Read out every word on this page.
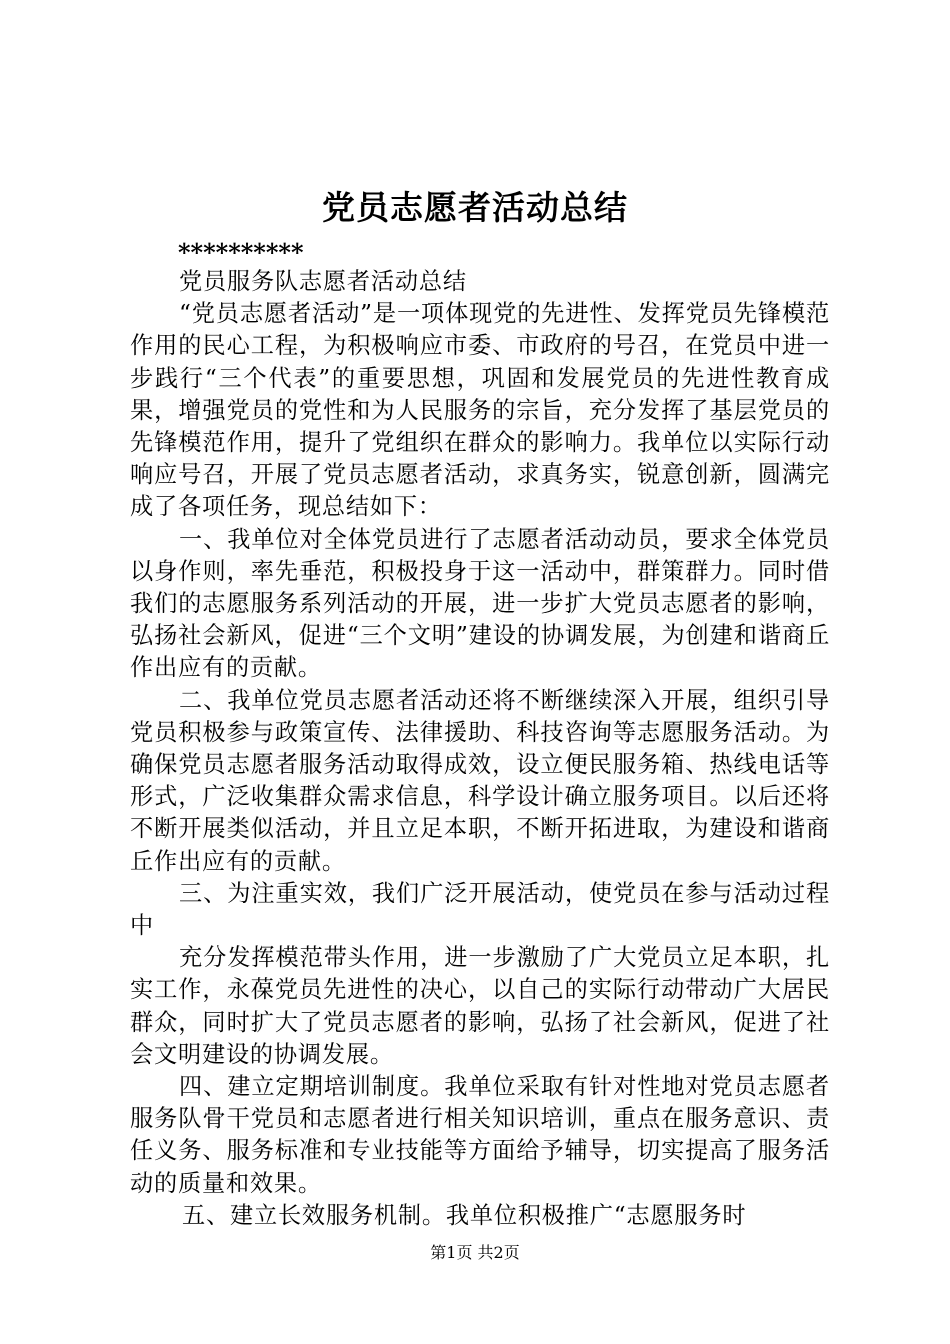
党员志愿者活动总结
**********

党员服务队志愿者活动总结

“党员志愿者活动”是一项体现党的先进性、发挥党员先锋模范作用的民心工程，为积极响应市委、市政府的号召，在党员中进一步践行“三个代表”的重要思想，巩固和发展党员的先进性教育成果，增强党员的党性和为人民服务的宗旨，充分发挥了基层党员的先锋模范作用，提升了党组织在群众的影响力。我单位以实际行动响应号召，开展了党员志愿者活动，求真务实，锐意创新，圆满完成了各项任务，现总结如下：

一、我单位对全体党员进行了志愿者活动动员，要求全体党员以身作则，率先垂范，积极投身于这一活动中，群策群力。同时借我们的志愿服务系列活动的开展，进一步扩大党员志愿者的影响，弘扬社会新风，促进“三个文明”建设的协调发展，为创建和谐商丘作出应有的贡献。

二、我单位党员志愿者活动还将不断继续深入开展，组织引导党员积极参与政策宣传、法律援助、科技咨询等志愿服务活动。为确保党员志愿者服务活动取得成效，设立便民服务箱、热线电话等形式，广泛收集群众需求信息，科学设计确立服务项目。以后还将不断开展类似活动，并且立足本职，不断开拓进取，为建设和谐商丘作出应有的贡献。

三、为注重实效，我们广泛开展活动，使党员在参与活动过程中

充分发挥模范带头作用，进一步激励了广大党员立足本职，扎实工作，永葆党员先进性的决心，以自己的实际行动带动广大居民群众，同时扩大了党员志愿者的影响，弘扬了社会新风，促进了社会文明建设的协调发展。

四、建立定期培训制度。我单位采取有针对性地对党员志愿者服务队骨干党员和志愿者进行相关知识培训，重点在服务意识、责任义务、服务标准和专业技能等方面给予辅导，切实提高了服务活动的质量和效果。

五、建立长效服务机制。我单位积极推广“志愿服务时

第1页 共2页
